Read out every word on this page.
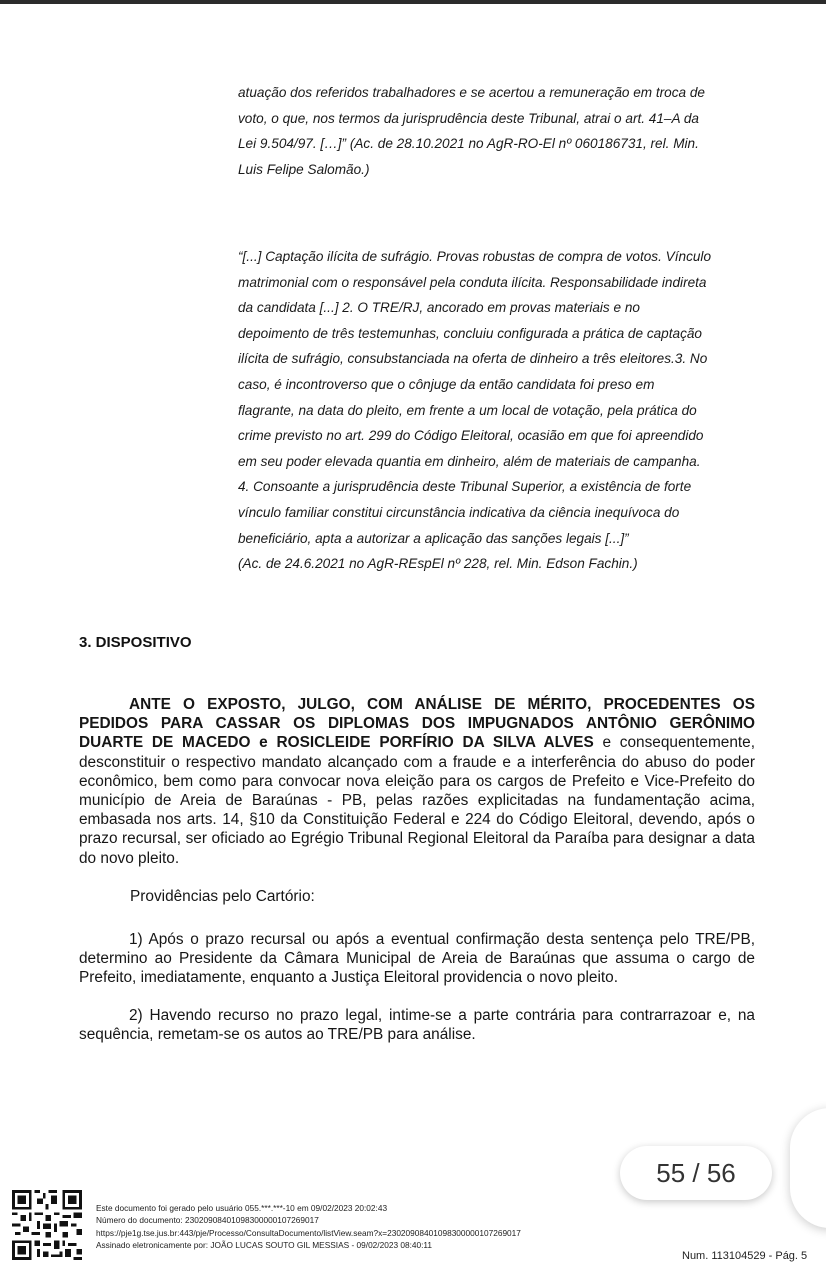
atuação dos referidos trabalhadores e se acertou a remuneração em troca de
voto, o que, nos termos da jurisprudência deste Tribunal, atrai o art. 41–A da
Lei 9.504/97. […]” (Ac. de 28.10.2021 no AgR-RO-El nº 060186731, rel. Min.
Luis Felipe Salomão.)
“[...] Captação ilícita de sufrágio. Provas robustas de compra de votos. Vínculo
matrimonial com o responsável pela conduta ilícita. Responsabilidade indireta
da candidata [...] 2. O TRE/RJ, ancorado em provas materiais e no
depoimento de três testemunhas, concluiu configurada a prática de captação
ilícita de sufrágio, consubstanciada na oferta de dinheiro a três eleitores.3. No
caso, é incontroverso que o cônjuge da então candidata foi preso em
flagrante, na data do pleito, em frente a um local de votação, pela prática do
crime previsto no art. 299 do Código Eleitoral, ocasião em que foi apreendido
em seu poder elevada quantia em dinheiro, além de materiais de campanha.
4. Consoante a jurisprudência deste Tribunal Superior, a existência de forte
vínculo familiar constitui circunstância indicativa da ciência inequívoca do
beneficiário, apta a autorizar a aplicação das sanções legais [...]”
(Ac. de 24.6.2021 no AgR-REspEl nº 228, rel. Min. Edson Fachin.)
3. DISPOSITIVO
ANTE O EXPOSTO, JULGO, COM ANÁLISE DE MÉRITO, PROCEDENTES OS PEDIDOS PARA CASSAR OS DIPLOMAS DOS IMPUGNADOS ANTÔNIO GERÔNIMO DUARTE DE MACEDO e ROSICLEIDE PORFÍRIO DA SILVA ALVES e consequentemente, desconstituir o respectivo mandato alcançado com a fraude e a interferência do abuso do poder econômico, bem como para convocar nova eleição para os cargos de Prefeito e Vice-Prefeito do município de Areia de Baraúnas - PB, pelas razões explicitadas na fundamentação acima, embasada nos arts. 14, §10 da Constituição Federal e 224 do Código Eleitoral, devendo, após o prazo recursal, ser oficiado ao Egrégio Tribunal Regional Eleitoral da Paraíba para designar a data do novo pleito.
Providências pelo Cartório:
1) Após o prazo recursal ou após a eventual confirmação desta sentença pelo TRE/PB, determino ao Presidente da Câmara Municipal de Areia de Baraúnas que assuma o cargo de Prefeito, imediatamente, enquanto a Justiça Eleitoral providencia o novo pleito.
2) Havendo recurso no prazo legal, intime-se a parte contrária para contrarrazoar e, na sequência, remetam-se os autos ao TRE/PB para análise.
55 / 56
Este documento foi gerado pelo usuário 055.***.***-10 em 09/02/2023 20:02:43
Número do documento: 23020908401098300000107269017
https://pje1g.tse.jus.br:443/pje/Processo/ConsultaDocumento/listView.seam?x=23020908401098300000107269017
Assinado eletronicamente por: JOÃO LUCAS SOUTO GIL MESSIAS - 09/02/2023 08:40:11
Num. 113104529 - Pág. 5
